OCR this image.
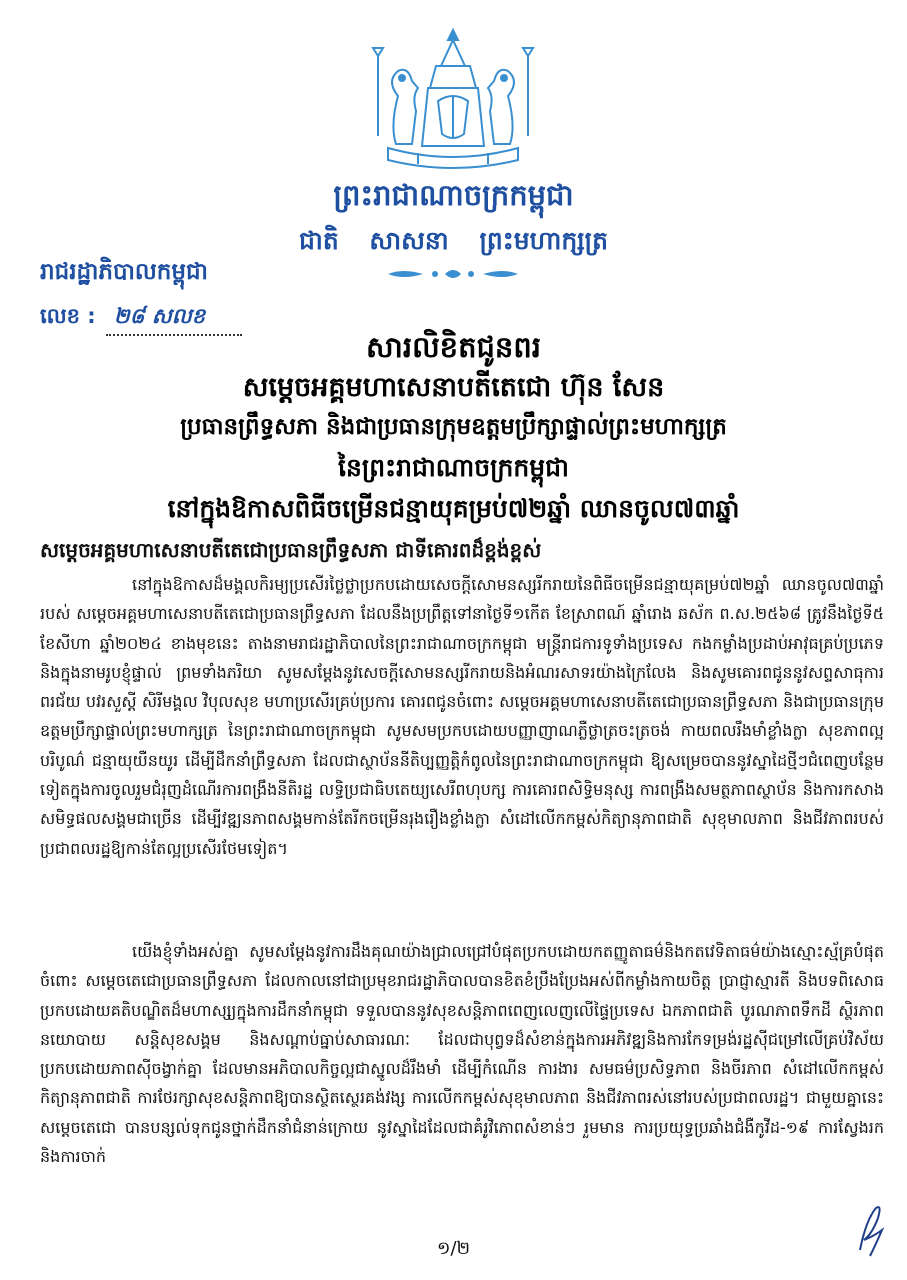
ព្រះរាជាណាចក្រកម្ពុជា
ជាតិ សាសនា ព្រះមហាក្សត្រ
រាជរដ្ឋាភិបាលកម្ពុជា
លេខ : ២៨ សលខ
សារលិខិតជូនពរ
សម្តេចអគ្គមហាសេនាបតីតេជោ ហ៊ុន សែន
ប្រធានព្រឹទ្ធសភា និងជាប្រធានក្រុមឧត្តមប្រឹក្សាផ្ទាល់ព្រះមហាក្សត្រ
នៃព្រះរាជាណាចក្រកម្ពុជា
នៅក្នុងឱកាសពិធីចម្រើនជន្មាយុគម្រប់៧២ឆ្នាំ ឈានចូល៧៣ឆ្នាំ
សម្តេចអគ្គមហាសេនាបតីតេជោប្រធានព្រឹទ្ធសភា ជាទីគោរពដ៏ខ្ពង់ខ្ពស់

នៅក្នុងឱកាសដ៏មង្គលកិរម្យប្រសើរថ្លៃថ្លាប្រកបដោយសេចក្តីសោមនស្សរីករាយនៃពិធីចម្រើនជន្មាយុគម្រប់៧២ឆ្នាំ ឈានចូល៧៣ឆ្នាំរបស់ សម្តេចអគ្គមហាសេនាបតីតេជោប្រធានព្រឹទ្ធសភា ដែលនឹងប្រព្រឹត្តទៅនាថ្ងៃទី១កើត ខែស្រាពណ៍ ឆ្នាំរោង ឆស័ក ព.ស.២៥៦៨ ត្រូវនឹងថ្ងៃទី៥ ខែសីហា ឆ្នាំ២០២៤ ខាងមុខនេះ តាងនាមរាជរដ្ឋាភិបាលនៃព្រះរាជាណាចក្រកម្ពុជា មន្ត្រីរាជការទូទាំងប្រទេស កងកម្លាំងប្រដាប់អាវុធគ្រប់ប្រភេទ និងក្នុងនាមរូបខ្ញុំផ្ទាល់ ព្រមទាំងភរិយា សូមសម្តែងនូវសេចក្តីសោមនស្សរីករាយនិងអំណរសាទរយ៉ាងក្រៃលែង និងសូមគោរពជូននូវសព្ទសាធុការពរជ័យ បវរសួស្តី សិរីមង្គល វិបុលសុខ មហាប្រសើរគ្រប់ប្រការ គោរពជូនចំពោះ សម្តេចអគ្គមហាសេនាបតីតេជោប្រធានព្រឹទ្ធសភា និងជាប្រធានក្រុមឧត្តមប្រឹក្សាផ្ទាល់ព្រះមហាក្សត្រ នៃព្រះរាជាណាចក្រកម្ពុជា សូមសមប្រកបដោយបញ្ញាញាណភ្លឺថ្លាត្រចះត្រចង់ កាយពលរឹងមាំខ្លាំងក្លា សុខភាពល្អបរិបូណ៌ ជន្មាយុយឺនយូរ ដើម្បីដឹកនាំព្រឹទ្ធសភា ដែលជាស្ថាប័ននីតិប្បញ្ញត្តិកំពូលនៃព្រះរាជាណាចក្រកម្ពុជា ឱ្យសម្រេចបាននូវស្នាដៃថ្មីៗជំពេញបន្ថែមទៀតក្នុងការចូលរួមជំរុញដំណើរការពង្រឹងនីតិរដ្ឋ លទ្ធិប្រជាធិបតេយ្យសេរីពហុបក្ស ការគោរពសិទ្ធិមនុស្ស ការពង្រឹងសមត្ថភាពស្ថាប័ន និងការកសាងសមិទ្ធផលសង្គមជាច្រើន ដើម្បីវឌ្ឍនភាពសង្គមកាន់តែរីកចម្រើនរុងរឿងខ្លាំងក្លា សំដៅលើកកម្ពស់កិត្យានុភាពជាតិ សុខុមាលភាព និងជីវភាពរបស់ប្រជាពលរដ្ឋឱ្យកាន់តែល្អប្រសើរថែមទៀត។

យើងខ្ញុំទាំងអស់គ្នា សូមសម្តែងនូវការដឹងគុណយ៉ាងជ្រាលជ្រៅបំផុតប្រកបដោយកតញ្ញូតាធម៌និងកតវេទិតាធម៌យ៉ាងស្មោះស្ម័គ្របំផុតចំពោះ សម្តេចតេជោប្រធានព្រឹទ្ធសភា ដែលកាលនៅជាប្រមុខរាជរដ្ឋាភិបាលបានខិតខំប្រឹងប្រែងអស់ពីកម្លាំងកាយចិត្ត ប្រាជ្ញាស្មារតី និងបទពិសោធប្រកបដោយគតិបណ្ឌិតដ៏មហាស្ស្យក្នុងការដឹកនាំកម្ពុជា ទទួលបាននូវសុខសន្តិភាពពេញលេញលើផ្ទៃប្រទេស ឯកភាពជាតិ បូរណភាពទឹកដី ស្ថិរភាពនយោបាយ សន្តិសុខសង្គម និងសណ្តាប់ធ្នាប់សាធារណៈ ដែលជាបុព្វទដ៏សំខាន់ក្នុងការអភិវឌ្ឍនិងការកែទម្រង់រដ្ឋស៊ីជម្រៅលើគ្រប់វិស័យប្រកបដោយភាពស៊ីចង្វាក់គ្នា ដែលមានអភិបាលកិច្ចល្អជាស្នូលដ៏រឹងមាំ ដើម្បីកំណើន ការងារ សមធម៌ប្រសិទ្ធភាព និងចីរភាព សំដៅលើកកម្ពស់កិត្យានុភាពជាតិ ការថែរក្សាសុខសន្តិភាពឱ្យបានស្ថិតស្ថេរគង់វង្ស ការលើកកម្ពស់សុខុមាលភាព និងជីវភាពរស់នៅរបស់ប្រជាពលរដ្ឋ។ ជាមួយគ្នានេះ សម្តេចតេជោ បានបន្សល់ទុកជូនថ្នាក់ដឹកនាំជំនាន់ក្រោយ នូវស្នាដៃដែលជាគំរូវិភោពសំខាន់ៗ រួមមាន ការប្រយុទ្ធប្រឆាំងជំងឺកូវីដ-១៩ ការស្វែងរក និងការចាក់

១/២
